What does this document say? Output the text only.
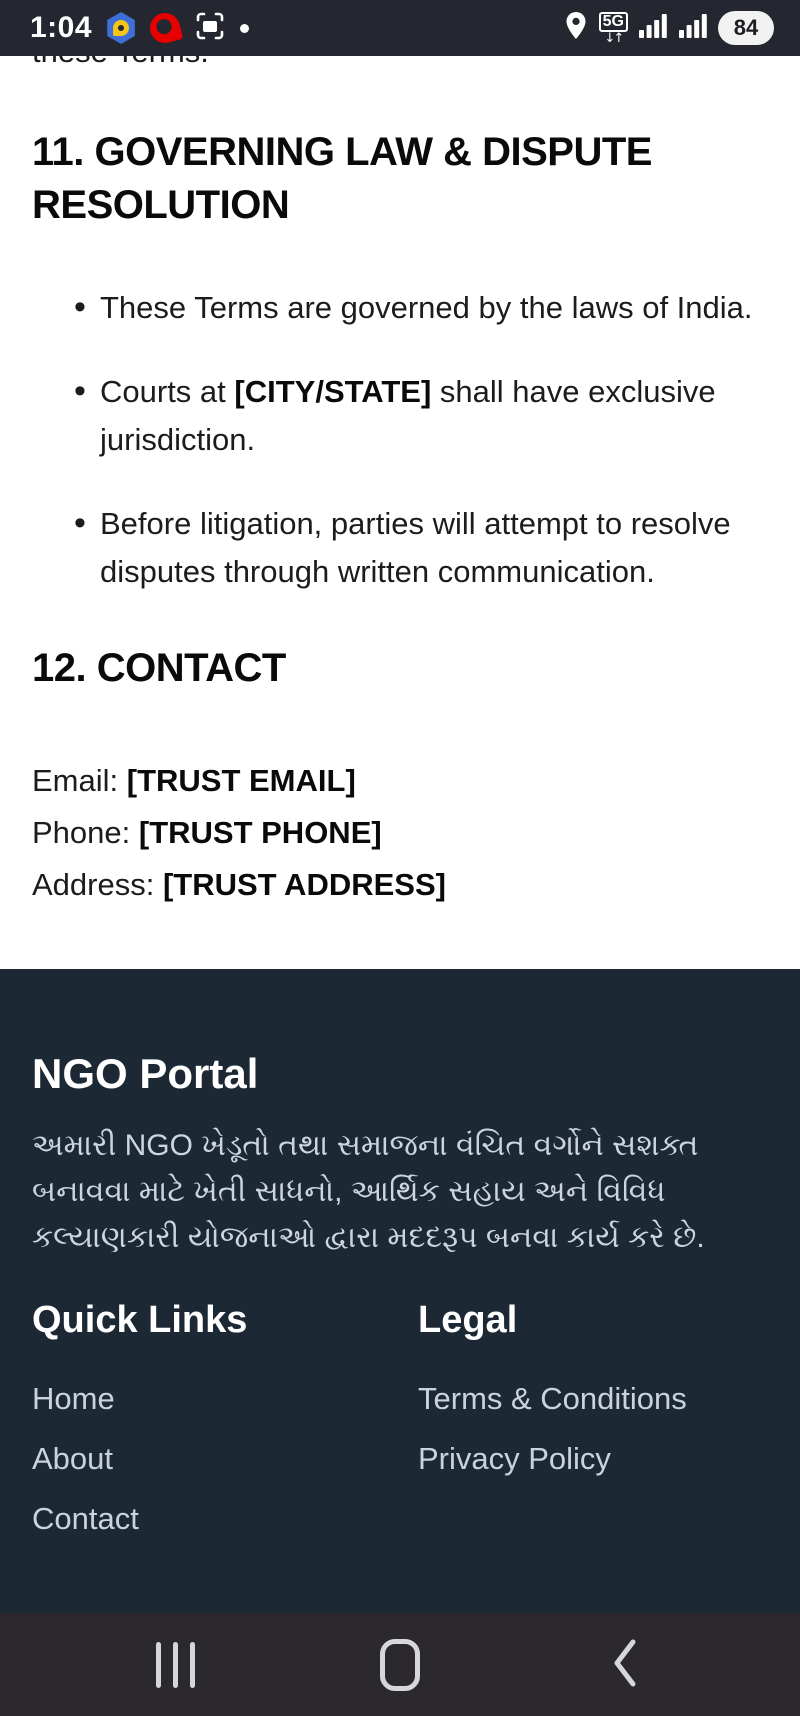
1:04	5G
↓↑	84

11. GOVERNING LAW & DISPUTE RESOLUTION
• These Terms are governed by the laws of India.
• Courts at [CITY/STATE] shall have exclusive jurisdiction.
• Before litigation, parties will attempt to resolve disputes through written communication.
12. CONTACT
Email: [TRUST EMAIL]
Phone: [TRUST PHONE]
Address: [TRUST ADDRESS]
NGO Portal

અમારી NGO ખેડૂતો તથા સમાજના વંચિત વર્ગોને સશક્ત બનાવવા માટે ખેતી સાધનો, આર્થિક સહાય અને વિવિધ કલ્યાણકારી યોજનાઓ દ્વારા મદદરૂપ બનવા કાર્ય કરે છે.

Quick Links
Home
About
Contact
Legal
Terms & Conditions
Privacy Policy
